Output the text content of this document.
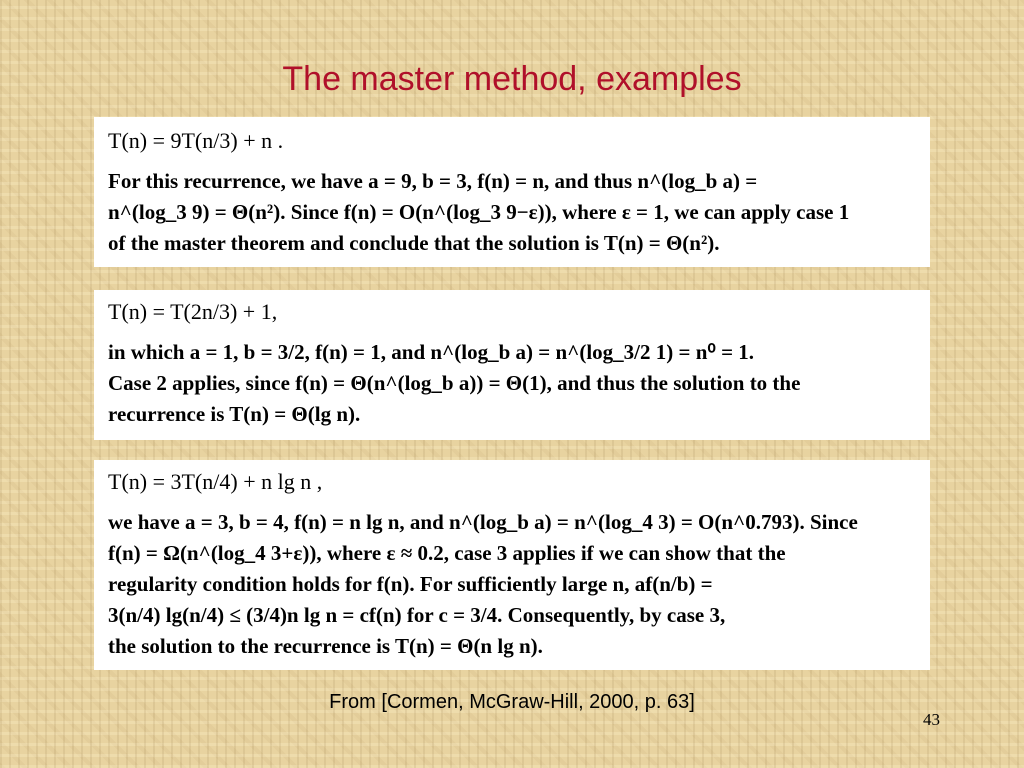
The master method, examples
T(n) = 9T(n/3) + n .
For this recurrence, we have a = 9, b = 3, f(n) = n, and thus n^(log_b a) =
n^(log_3 9) = Θ(n²). Since f(n) = O(n^(log_3 9−ε)), where ε = 1, we can apply case 1
of the master theorem and conclude that the solution is T(n) = Θ(n²).
T(n) = T(2n/3) + 1,
in which a = 1, b = 3/2, f(n) = 1, and n^(log_b a) = n^(log_3/2 1) = n⁰ = 1.
Case 2 applies, since f(n) = Θ(n^(log_b a)) = Θ(1), and thus the solution to the
recurrence is T(n) = Θ(lg n).
T(n) = 3T(n/4) + n lg n ,
we have a = 3, b = 4, f(n) = n lg n, and n^(log_b a) = n^(log_4 3) = O(n^0.793). Since
f(n) = Ω(n^(log_4 3+ε)), where ε ≈ 0.2, case 3 applies if we can show that the
regularity condition holds for f(n). For sufficiently large n, af(n/b) =
3(n/4) lg(n/4) ≤ (3/4)n lg n = cf(n) for c = 3/4. Consequently, by case 3,
the solution to the recurrence is T(n) = Θ(n lg n).
From [Cormen, McGraw-Hill, 2000, p. 63]
43
